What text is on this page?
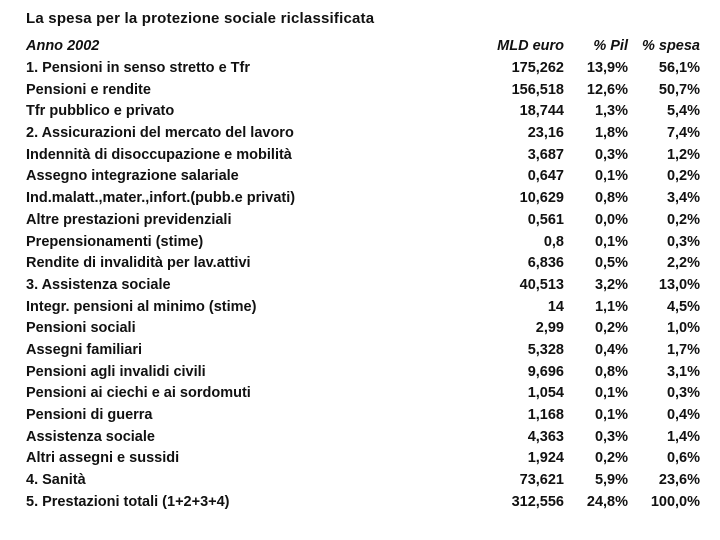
La spesa per la protezione sociale riclassificata
Anno 2002	MLD euro	% Pil	% spesa
1. Pensioni in senso stretto e Tfr	175,262	13,9%	56,1%
Pensioni e rendite	156,518	12,6%	50,7%
Tfr pubblico e privato	18,744	1,3%	5,4%
2. Assicurazioni del mercato del lavoro	23,16	1,8%	7,4%
Indennità di disoccupazione e mobilità	3,687	0,3%	1,2%
Assegno integrazione salariale	0,647	0,1%	0,2%
Ind.malatt.,mater.,infort.(pubb.e privati)	10,629	0,8%	3,4%
Altre prestazioni previdenziali	0,561	0,0%	0,2%
Prepensionamenti (stime)	0,8	0,1%	0,3%
Rendite di invalidità per lav.attivi	6,836	0,5%	2,2%
3. Assistenza sociale	40,513	3,2%	13,0%
Integr. pensioni al minimo (stime)	14	1,1%	4,5%
Pensioni sociali	2,99	0,2%	1,0%
Assegni familiari	5,328	0,4%	1,7%
Pensioni agli invalidi civili	9,696	0,8%	3,1%
Pensioni ai ciechi e ai sordomuti	1,054	0,1%	0,3%
Pensioni di guerra	1,168	0,1%	0,4%
Assistenza sociale	4,363	0,3%	1,4%
Altri assegni e sussidi	1,924	0,2%	0,6%
4. Sanità	73,621	5,9%	23,6%
5. Prestazioni totali (1+2+3+4)	312,556	24,8%	100,0%
